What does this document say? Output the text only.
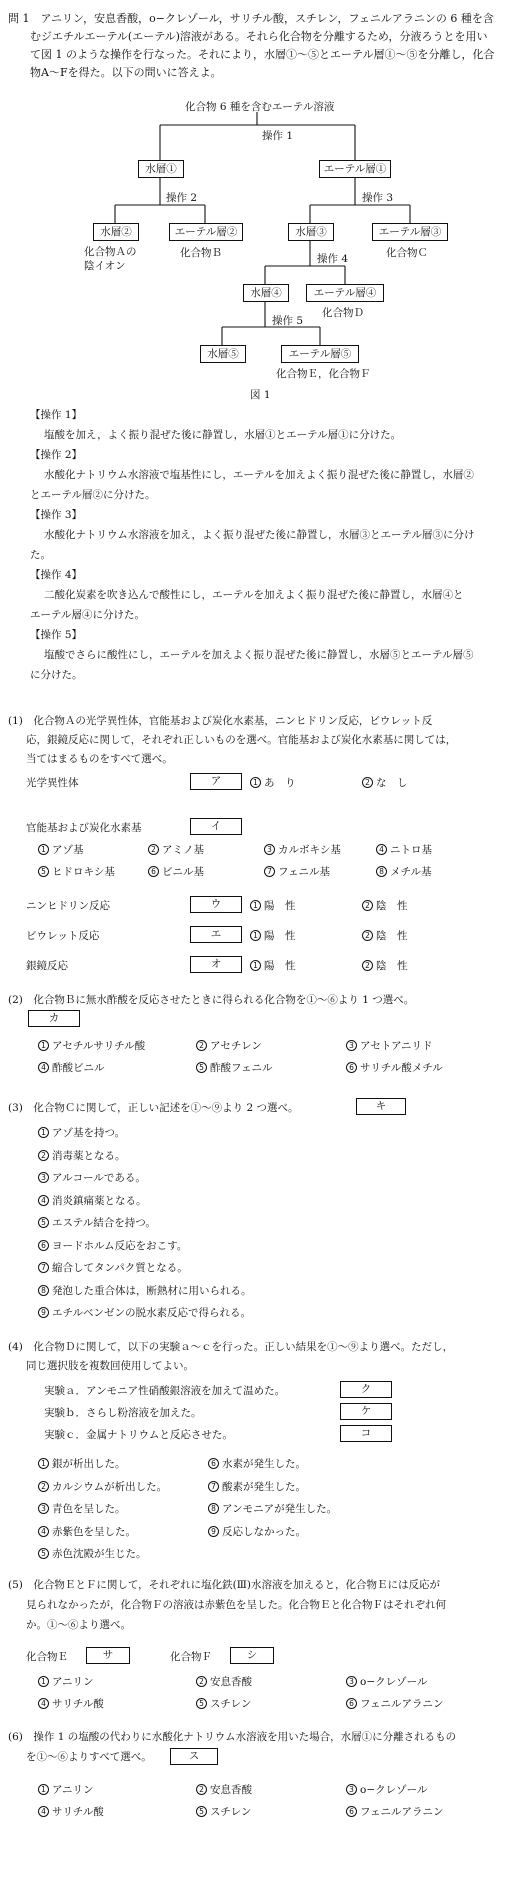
問 1　 アニリン，安息香酸，o−クレゾール，サリチル酸，スチレン，フェニルアラニンの 6 種を含
むジエチルエーテル(エーテル)溶液がある。それら化合物を分離するため，分液ろうとを用い
て図 1 のような操作を行なった。それにより，水層①〜⑤とエーテル層①〜⑤を分離し，化合
物A〜Fを得た。以下の問いに答えよ。
化合物 6 種を含むエーテル溶液
操作 1
水層①	エーテル層①
操作 2	操作 3
水層②	エーテル層②	水層③	エーテル層③
化合物Ａの
陰イオン
化合物Ｂ	操作 4	化合物Ｃ
水層④	エーテル層④
化合物Ｄ
操作 5
水層⑤	エーテル層⑤
化合物Ｅ，化合物Ｆ
図 1
【操作 1】
塩酸を加え，よく振り混ぜた後に静置し，水層①とエーテル層①に分けた。
【操作 2】
水酸化ナトリウム水溶液で塩基性にし，エーテルを加えよく振り混ぜた後に静置し，水層②
とエーテル層②に分けた。
【操作 3】
水酸化ナトリウム水溶液を加え，よく振り混ぜた後に静置し，水層③とエーテル層③に分け
た。
【操作 4】
二酸化炭素を吹き込んで酸性にし，エーテルを加えよく振り混ぜた後に静置し，水層④と
エーテル層④に分けた。
【操作 5】
塩酸でさらに酸性にし，エーテルを加えよく振り混ぜた後に静置し，水層⑤とエーテル層⑤
に分けた。
(1)　 化合物Ａの光学異性体，官能基および炭化水素基，ニンヒドリン反応，ビウレット反
応，銀鏡反応に関して，それぞれ正しいものを選べ。官能基および炭化水素基に関しては，
当てはまるものをすべて選べ。
光学異性体	ア	1 あ　り	2 な　し
官能基および炭化水素基	イ
1 アゾ基	2 アミノ基	3 カルボキシ基	4 ニトロ基
5 ヒドロキシ基	6 ビニル基	7 フェニル基	8 メチル基
ニンヒドリン反応	ウ	1 陽　性	2 陰　性
ビウレット反応	エ	1 陽　性	2 陰　性
銀鏡反応	オ	1 陽　性	2 陰　性
(2)　 化合物Ｂに無水酢酸を反応させたときに得られる化合物を①〜⑥より 1 つ選べ。
カ
1 アセチルサリチル酸	2 アセチレン	3 アセトアニリド
4 酢酸ビニル	5 酢酸フェニル	6 サリチル酸メチル
(3)　 化合物Ｃに関して，正しい記述を①〜⑨より 2 つ選べ。	キ
1 アゾ基を持つ。
2 消毒薬となる。
3 アルコールである。
4 消炎鎮痛薬となる。
5 エステル結合を持つ。
6 ヨードホルム反応をおこす。
7 縮合してタンパク質となる。
8 発泡した重合体は，断熱材に用いられる。
9 エチルベンゼンの脱水素反応で得られる。
(4)　 化合物Ｄに関して，以下の実験ａ〜ｃを行った。正しい結果を①〜⑨より選べ。ただし，
同じ選択肢を複数回使用してよい。
実験ａ．アンモニア性硝酸銀溶液を加えて温めた。	ク
実験ｂ．さらし粉溶液を加えた。	ケ
実験ｃ．金属ナトリウムと反応させた。	コ
1 銀が析出した。
2 カルシウムが析出した。
3 青色を呈した。
4 赤紫色を呈した。
5 赤色沈殿が生じた。
6 水素が発生した。
7 酸素が発生した。
8 アンモニアが発生した。
9 反応しなかった。
(5)　 化合物ＥとＦに関して，それぞれに塩化鉄(Ⅲ)水溶液を加えると，化合物Ｅには反応が
見られなかったが，化合物Ｆの溶液は赤紫色を呈した。化合物Ｅと化合物Ｆはそれぞれ何
か。①〜⑥より選べ。
化合物Ｅ	サ	化合物Ｆ	シ
1 アニリン	2 安息香酸	3 o−クレゾール
4 サリチル酸	5 スチレン	6 フェニルアラニン
(6)　 操作 1 の塩酸の代わりに水酸化ナトリウム水溶液を用いた場合，水層①に分離されるもの
を①〜⑥よりすべて選べ。	ス
1 アニリン	2 安息香酸	3 o−クレゾール
4 サリチル酸	5 スチレン	6 フェニルアラニン
